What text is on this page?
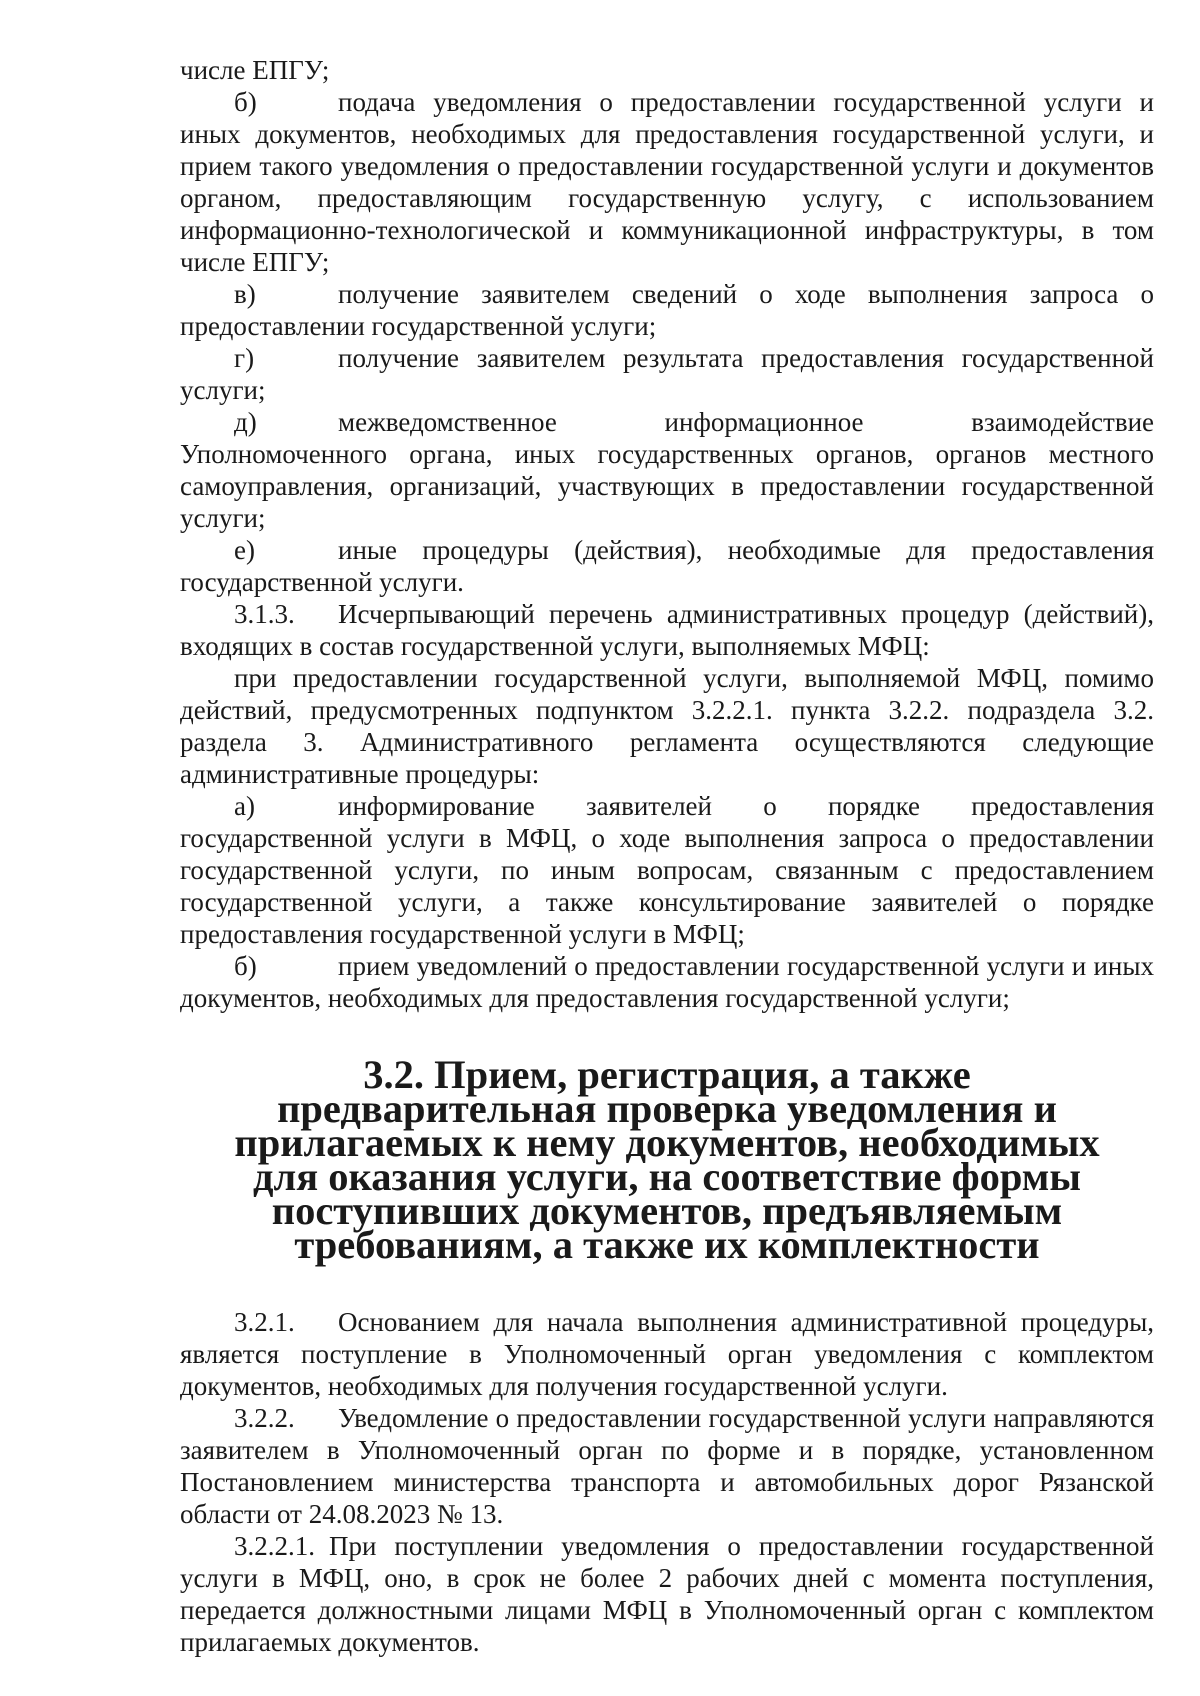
числе ЕПГУ;

б)	подача уведомления о предоставлении государственной услуги и иных документов, необходимых для предоставления государственной услуги, и прием такого уведомления о предоставлении государственной услуги и документов органом, предоставляющим государственную услугу, с использованием информационно-технологической и коммуникационной инфраструктуры, в том числе ЕПГУ;

в)	получение заявителем сведений о ходе выполнения запроса о предоставлении государственной услуги;

г)	получение заявителем результата предоставления государственной услуги;

д)	межведомственное информационное взаимодействие Уполномоченного органа, иных государственных органов, органов местного самоуправления, организаций, участвующих в предоставлении государственной услуги;

е)	иные процедуры (действия), необходимые для предоставления государственной услуги.

3.1.3. Исчерпывающий перечень административных процедур (действий), входящих в состав государственной услуги, выполняемых МФЦ:

при предоставлении государственной услуги, выполняемой МФЦ, помимо действий, предусмотренных подпунктом 3.2.2.1. пункта 3.2.2. подраздела 3.2. раздела 3. Административного регламента осуществляются следующие административные процедуры:

а)	информирование заявителей о порядке предоставления государственной услуги в МФЦ, о ходе выполнения запроса о предоставлении государственной услуги, по иным вопросам, связанным с предоставлением государственной услуги, а также консультирование заявителей о порядке предоставления государственной услуги в МФЦ;

б)	прием уведомлений о предоставлении государственной услуги и иных документов, необходимых для предоставления государственной услуги;

3.2. Прием, регистрация, а также предварительная проверка уведомления и прилагаемых к нему документов, необходимых для оказания услуги, на соответствие формы поступивших документов, предъявляемым требованиям, а также их комплектности

3.2.1. Основанием для начала выполнения административной процедуры, является поступление в Уполномоченный орган уведомления с комплектом документов, необходимых для получения государственной услуги.

3.2.2. Уведомление о предоставлении государственной услуги направляются заявителем в Уполномоченный орган по форме и в порядке, установленном Постановлением министерства транспорта и автомобильных дорог Рязанской области от 24.08.2023 № 13.

3.2.2.1. При поступлении уведомления о предоставлении государственной услуги в МФЦ, оно, в срок не более 2 рабочих дней с момента поступления, передается должностными лицами МФЦ в Уполномоченный орган с комплектом прилагаемых документов.
